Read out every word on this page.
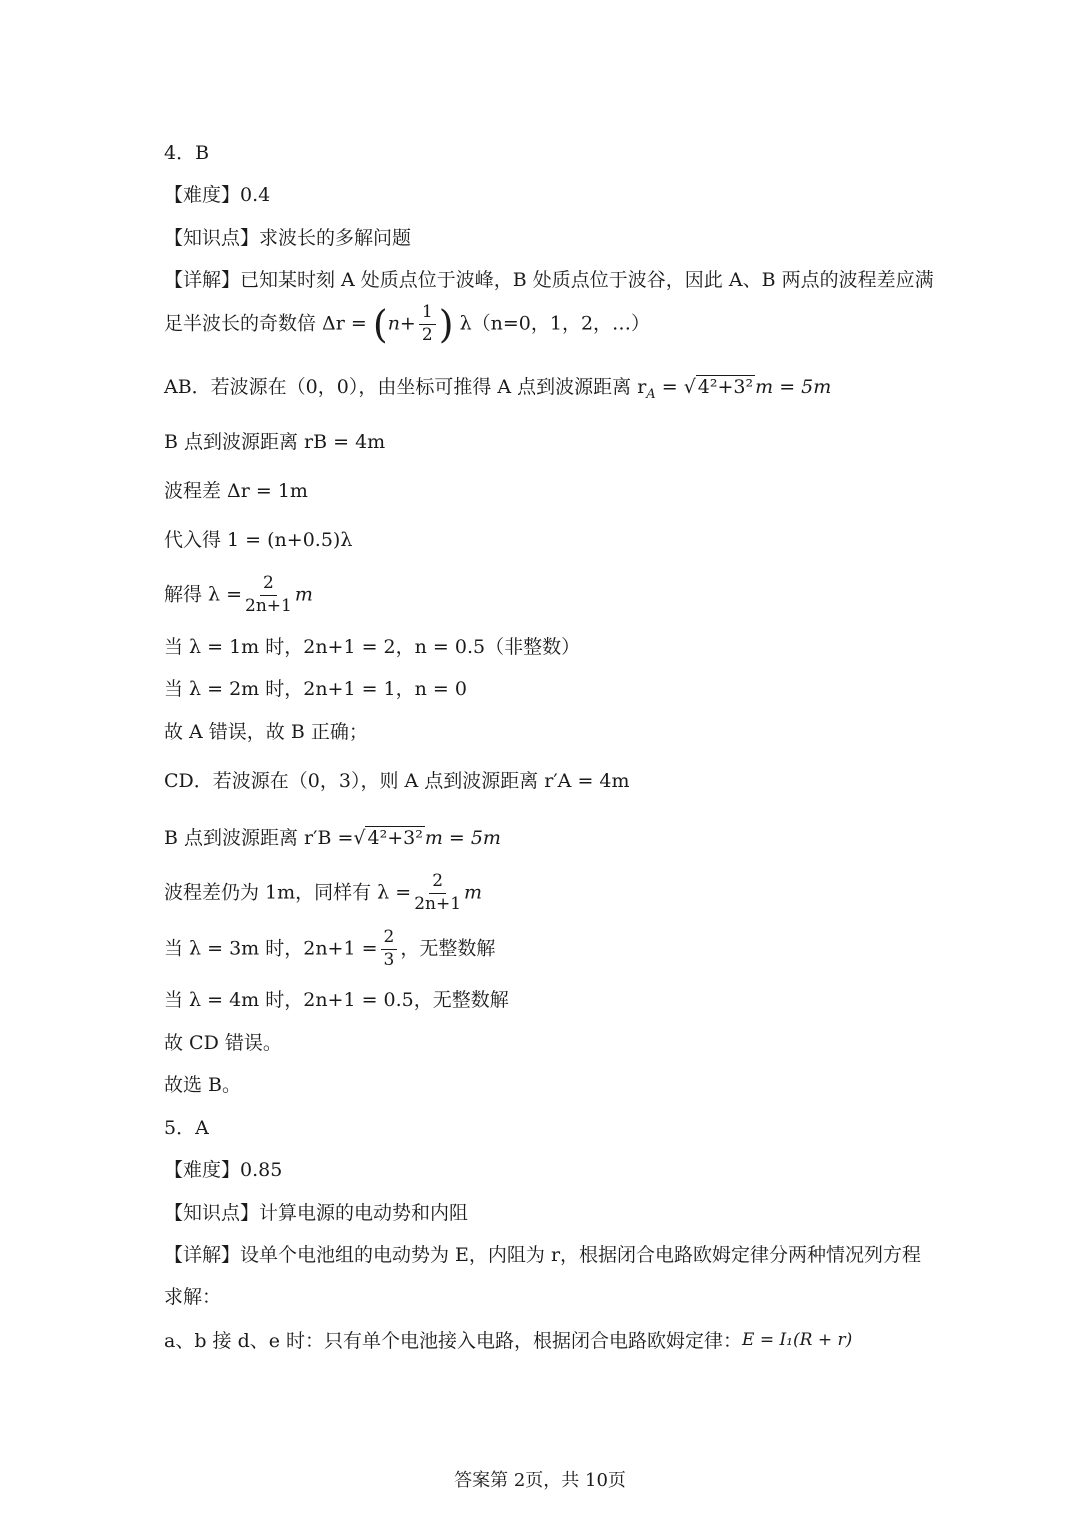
4．B
【难度】0.4
【知识点】求波长的多解问题
【详解】已知某时刻 A 处质点位于波峰，B 处质点位于波谷，因此 A、B 两点的波程差应满
足半波长的奇数倍 $\Delta r = (n+ \frac{1}{2}$ ) λ（n=0，1，2，…）
AB．若波源在（0，0），由坐标可推得 A 点到波源距离 $r_A$ = √ 4²+3² m = 5m
B 点到波源距离 rB = 4m
波程差 Δr = 1m
代入得 1 = (n+0.5)λ
解得 $\lambda = \frac{2}{2n+1}$ m
当 λ = 1m 时，2n+1 = 2，n = 0.5（非整数）
当 λ = 2m 时，2n+1 = 1，n = 0
故 A 错误，故 B 正确；
CD．若波源在（0，3），则 A 点到波源距离 r′A = 4m
B 点到波源距离 r′B =√ 4²+3² m = 5m
波程差仍为 1m，同样有 $\lambda = \frac{2}{2n+1}$ m
当 λ = 3m 时，$2n+1 = \frac{2}{3}$ ，无整数解
当 λ = 4m 时，2n+1 = 0.5，无整数解
故 CD 错误。
故选 B。
5．A
【难度】0.85
【知识点】计算电源的电动势和内阻
【详解】设单个电池组的电动势为 E，内阻为 r，根据闭合电路欧姆定律分两种情况列方程
求解：
a、b 接 d、e 时：只有单个电池接入电路，根据闭合电路欧姆定律： E = I₁(R + r)
答案第 2页，共 10页
